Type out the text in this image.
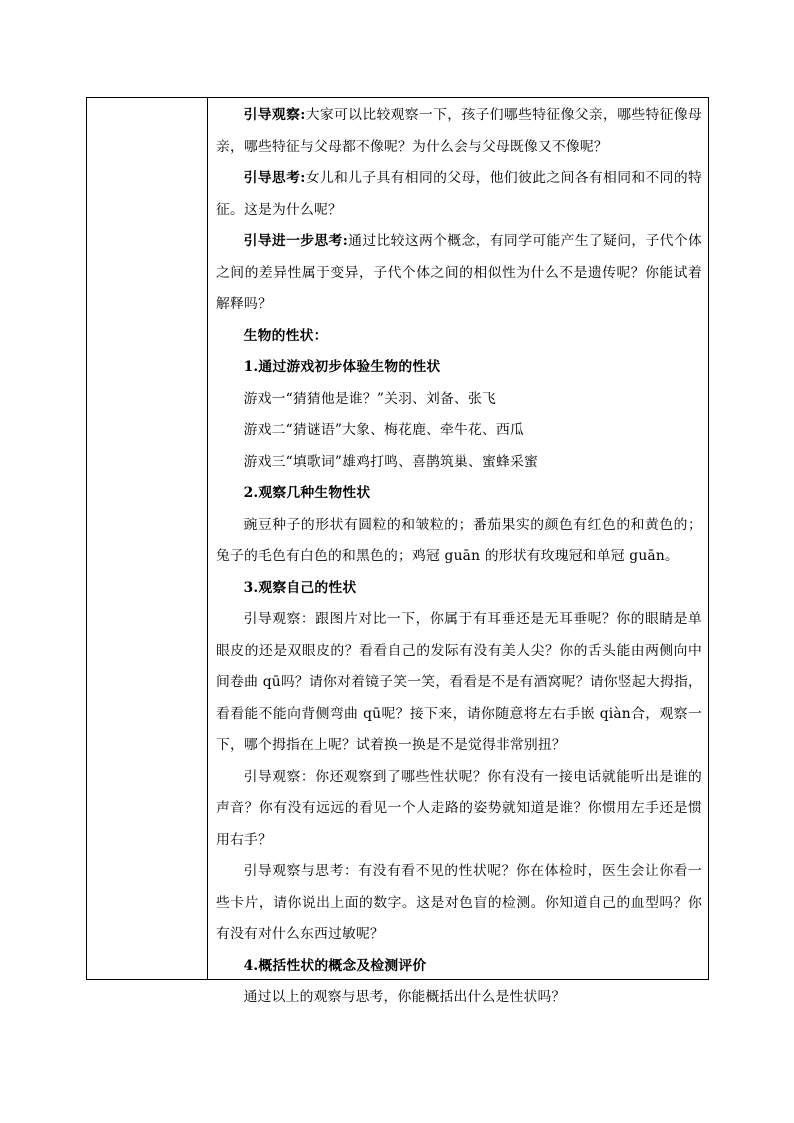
引导观察:大家可以比较观察一下，孩子们哪些特征像父亲，哪些特征像母亲，哪些特征与父母都不像呢？为什么会与父母既像又不像呢？

引导思考:女儿和儿子具有相同的父母，他们彼此之间各有相同和不同的特征。这是为什么呢？

引导进一步思考:通过比较这两个概念，有同学可能产生了疑问，子代个体之间的差异性属于变异，子代个体之间的相似性为什么不是遗传呢？你能试着解释吗？

生物的性状：

1.通过游戏初步体验生物的性状

游戏一“猜猜他是谁？”关羽、刘备、张飞

游戏二“猜谜语”大象、梅花鹿、牵牛花、西瓜

游戏三“填歌词”雄鸡打鸣、喜鹊筑巢、蜜蜂采蜜

2.观察几种生物性状

豌豆种子的形状有圆粒的和皱粒的；番茄果实的颜色有红色的和黄色的；兔子的毛色有白色的和黑色的；鸡冠 guān 的形状有玫瑰冠和单冠 guān。

3.观察自己的性状

引导观察：跟图片对比一下，你属于有耳垂还是无耳垂呢？你的眼睛是单眼皮的还是双眼皮的？看看自己的发际有没有美人尖？你的舌头能由两侧向中间卷曲 qū吗？请你对着镜子笑一笑，看看是不是有酒窝呢？请你竖起大拇指，看看能不能向背侧弯曲 qū呢？接下来，请你随意将左右手嵌 qiàn合，观察一下，哪个拇指在上呢？试着换一换是不是觉得非常别扭？

引导观察：你还观察到了哪些性状呢？你有没有一接电话就能听出是谁的声音？你有没有远远的看见一个人走路的姿势就知道是谁？你惯用左手还是惯用右手？

引导观察与思考：有没有看不见的性状呢？你在体检时，医生会让你看一些卡片，请你说出上面的数字。这是对色盲的检测。你知道自己的血型吗？你有没有对什么东西过敏呢？

4.概括性状的概念及检测评价

通过以上的观察与思考，你能概括出什么是性状吗？
